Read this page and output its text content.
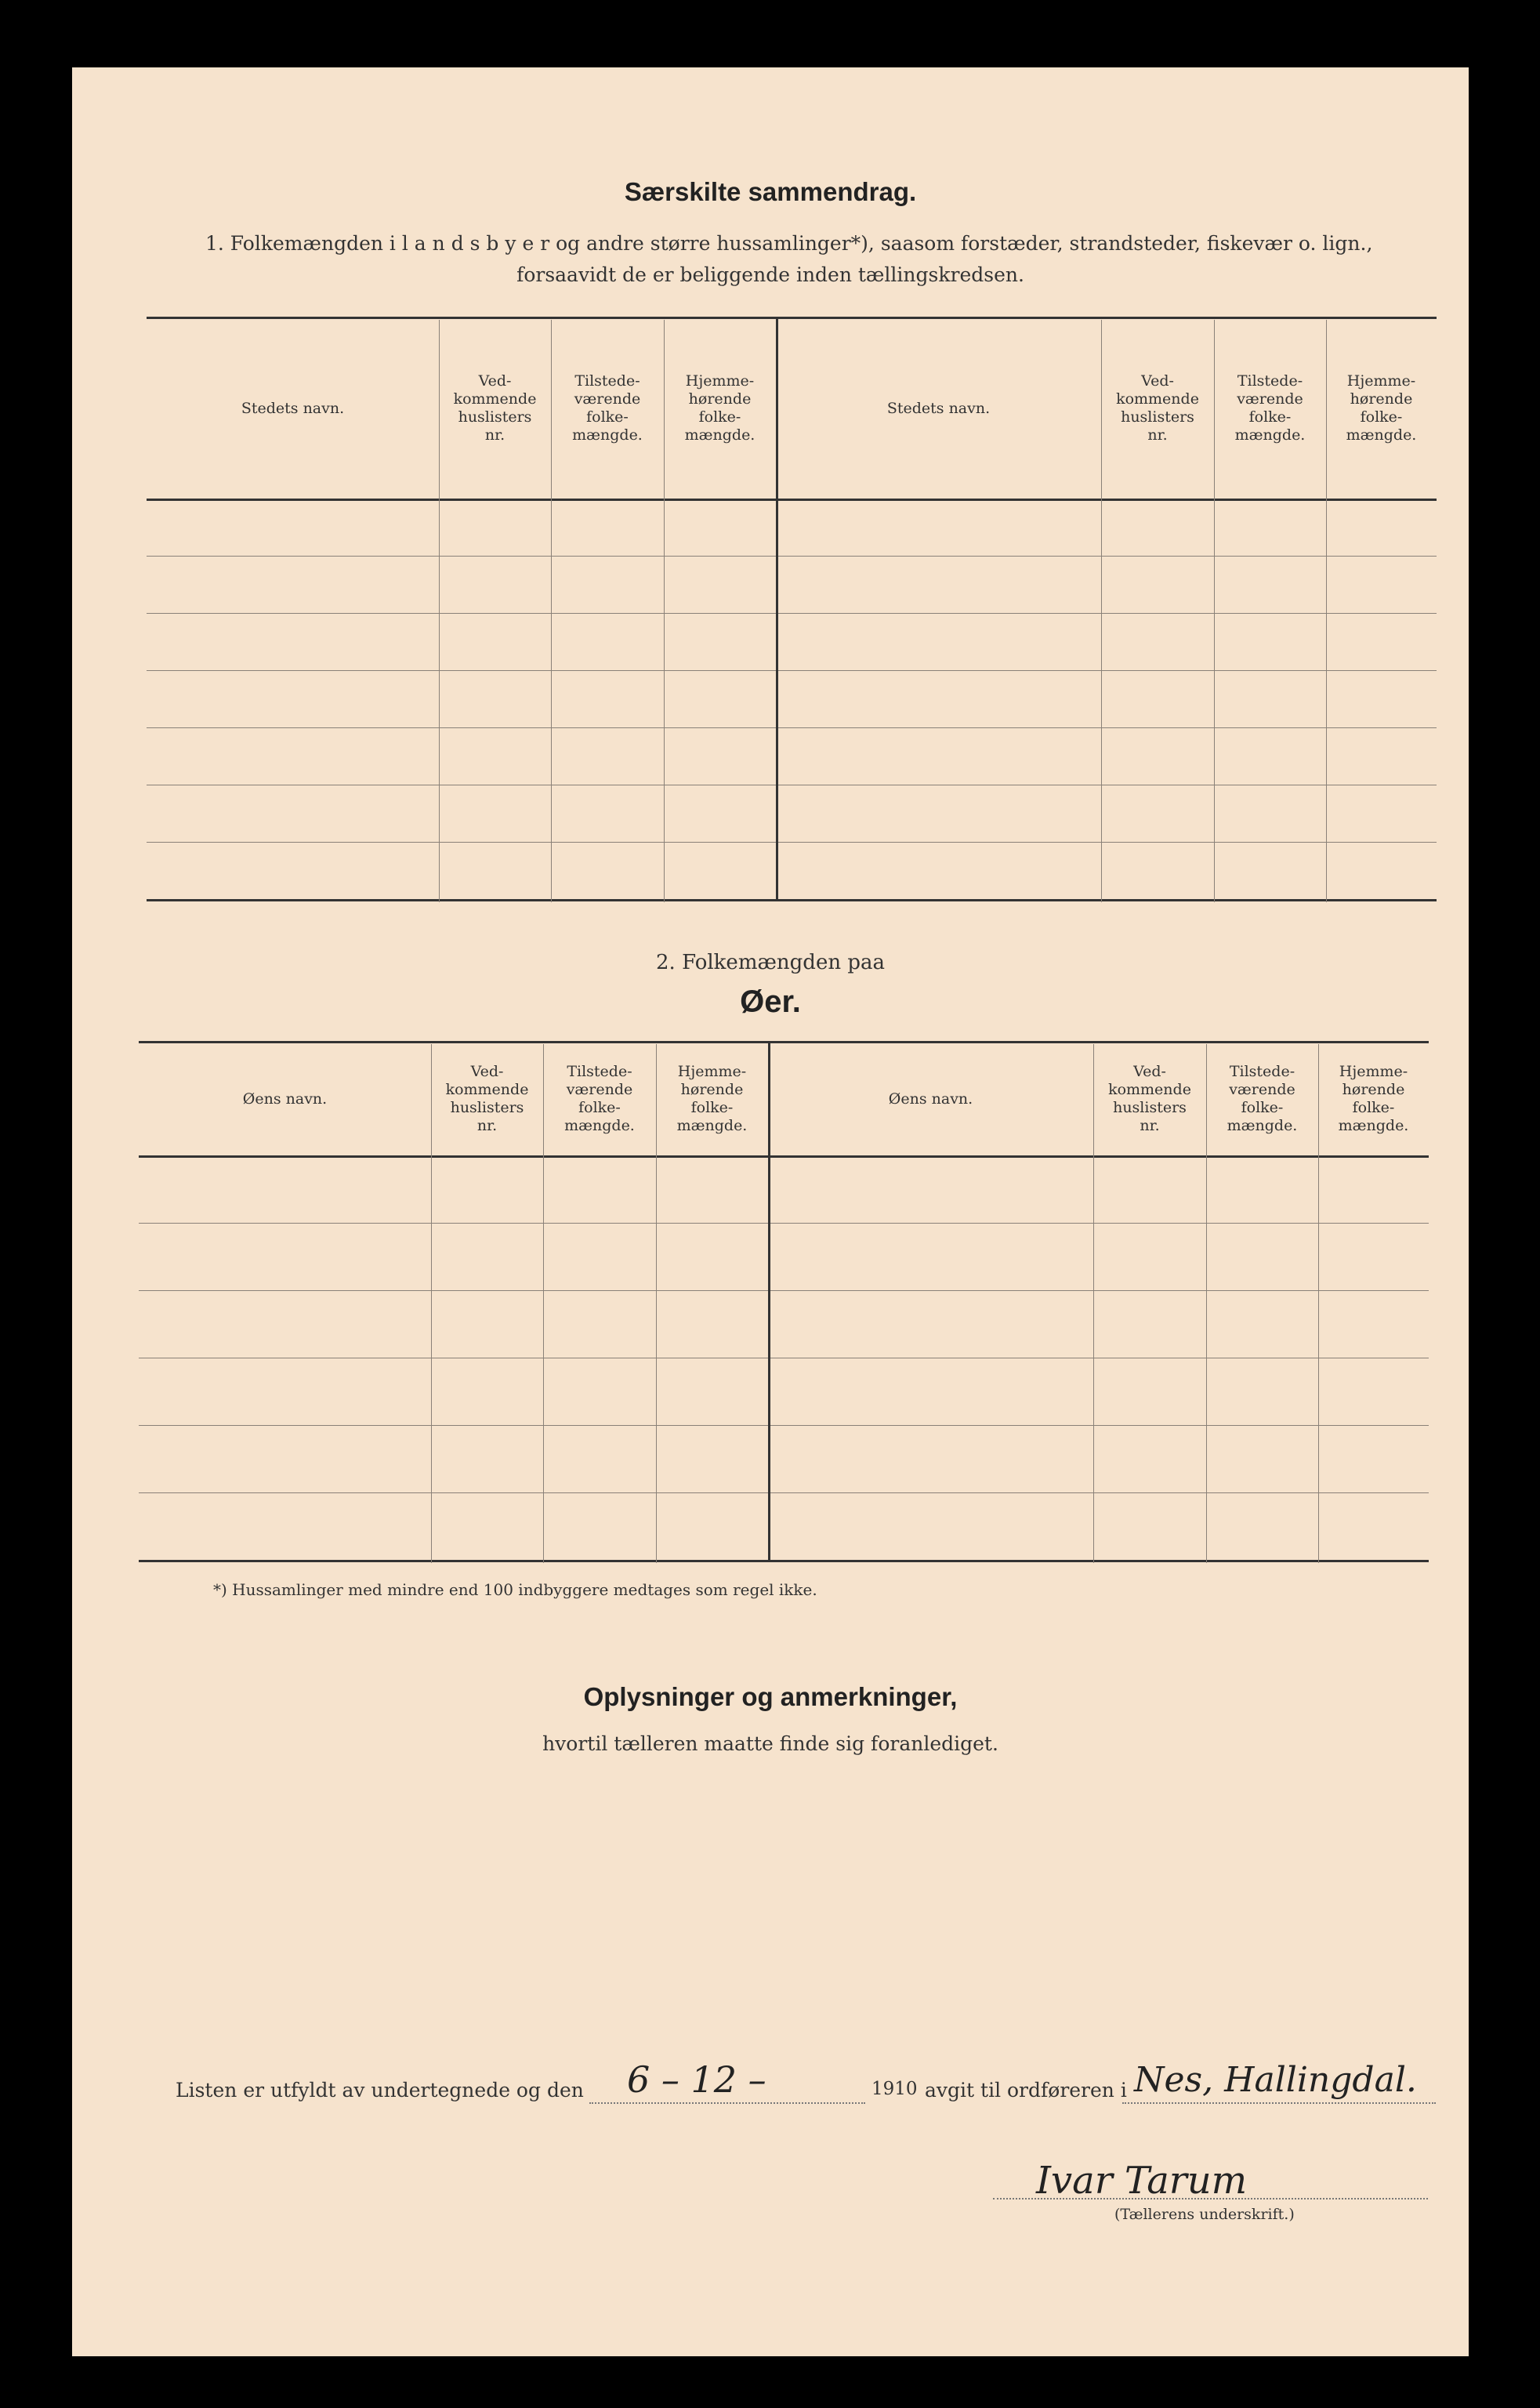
Særskilte sammendrag.
1. Folkemængden i l a n d s b y e r og andre større hussamlinger*), saasom forstæder, strandsteder, fiskevær o. lign.,
forsaavidt de er beliggende inden tællingskredsen.
Stedets navn.
Ved-
kommende
huslisters
nr.
Tilstede-
værende
folke-
mængde.
Hjemme-
hørende
folke-
mængde.
Stedets navn.
Ved-
kommende
huslisters
nr.
Tilstede-
værende
folke-
mængde.
Hjemme-
hørende
folke-
mængde.
2. Folkemængden paa
Øer.
Øens navn.
Ved-
kommende
huslisters
nr.
Tilstede-
værende
folke-
mængde.
Hjemme-
hørende
folke-
mængde.
Øens navn.
Ved-
kommende
huslisters
nr.
Tilstede-
værende
folke-
mængde.
Hjemme-
hørende
folke-
mængde.
*) Hussamlinger med mindre end 100 indbyggere medtages som regel ikke.
Oplysninger og anmerkninger,
hvortil tælleren maatte finde sig foranlediget.
Listen er utfyldt av undertegnede og den 6 – 12 –	1910 avgit til ordføreren i Nes, Hallingdal.
Ivar Tarum
(Tællerens underskrift.)
